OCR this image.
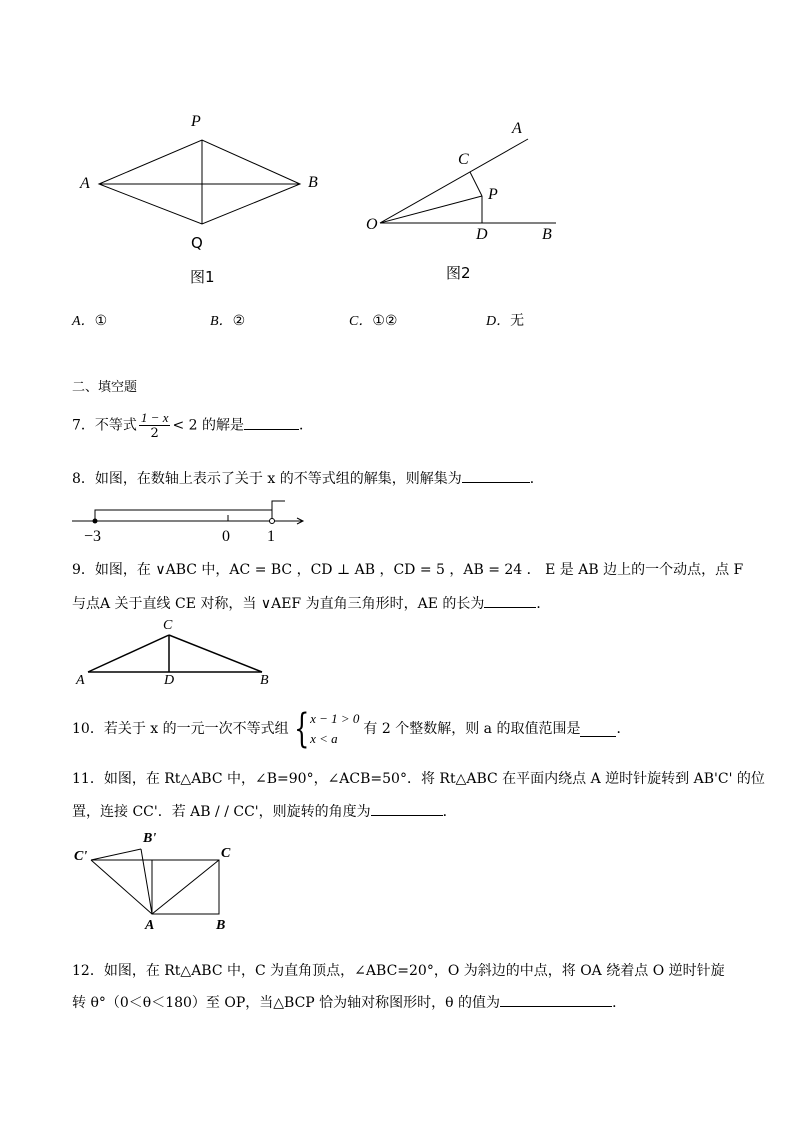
P
A	B
Q
图1
A
C
P
O
D	B
图2
A．①	B．②	C．①②	D．无
二、填空题
7．不等式 $\frac{1 - x}{2} < 2$ 的解是	．
8．如图，在数轴上表示了关于 x 的不等式组的解集，则解集为	．
−3	0 1
9．如图，在 ∨ABC 中，AC = BC ，CD ⊥ AB ，CD = 5 ，AB = 24 ． E 是 AB 边上的一个动点，点 F
与点A 关于直线 CE 对称，当 ∨AEF 为直角三角形时，AE 的长为	．
C
A	D	B
10．若关于 x 的一元一次不等式组 { x − 1 > 0
x < a
有 2 个整数解，则 a 的取值范围是	．
11．如图，在 Rt△ABC 中，∠B=90°，∠ACB=50°．将 Rt△ABC 在平面内绕点 A 逆时针旋转到 AB'C' 的位
置，连接 CC'．若 AB / / CC'，则旋转的角度为	．
C'
B'
C
A	B
12．如图，在 Rt△ABC 中，C 为直角顶点，∠ABC=20°，O 为斜边的中点，将 OA 绕着点 O 逆时针旋
转 θ°（0＜θ＜180）至 OP，当△BCP 恰为轴对称图形时，θ 的值为	．
